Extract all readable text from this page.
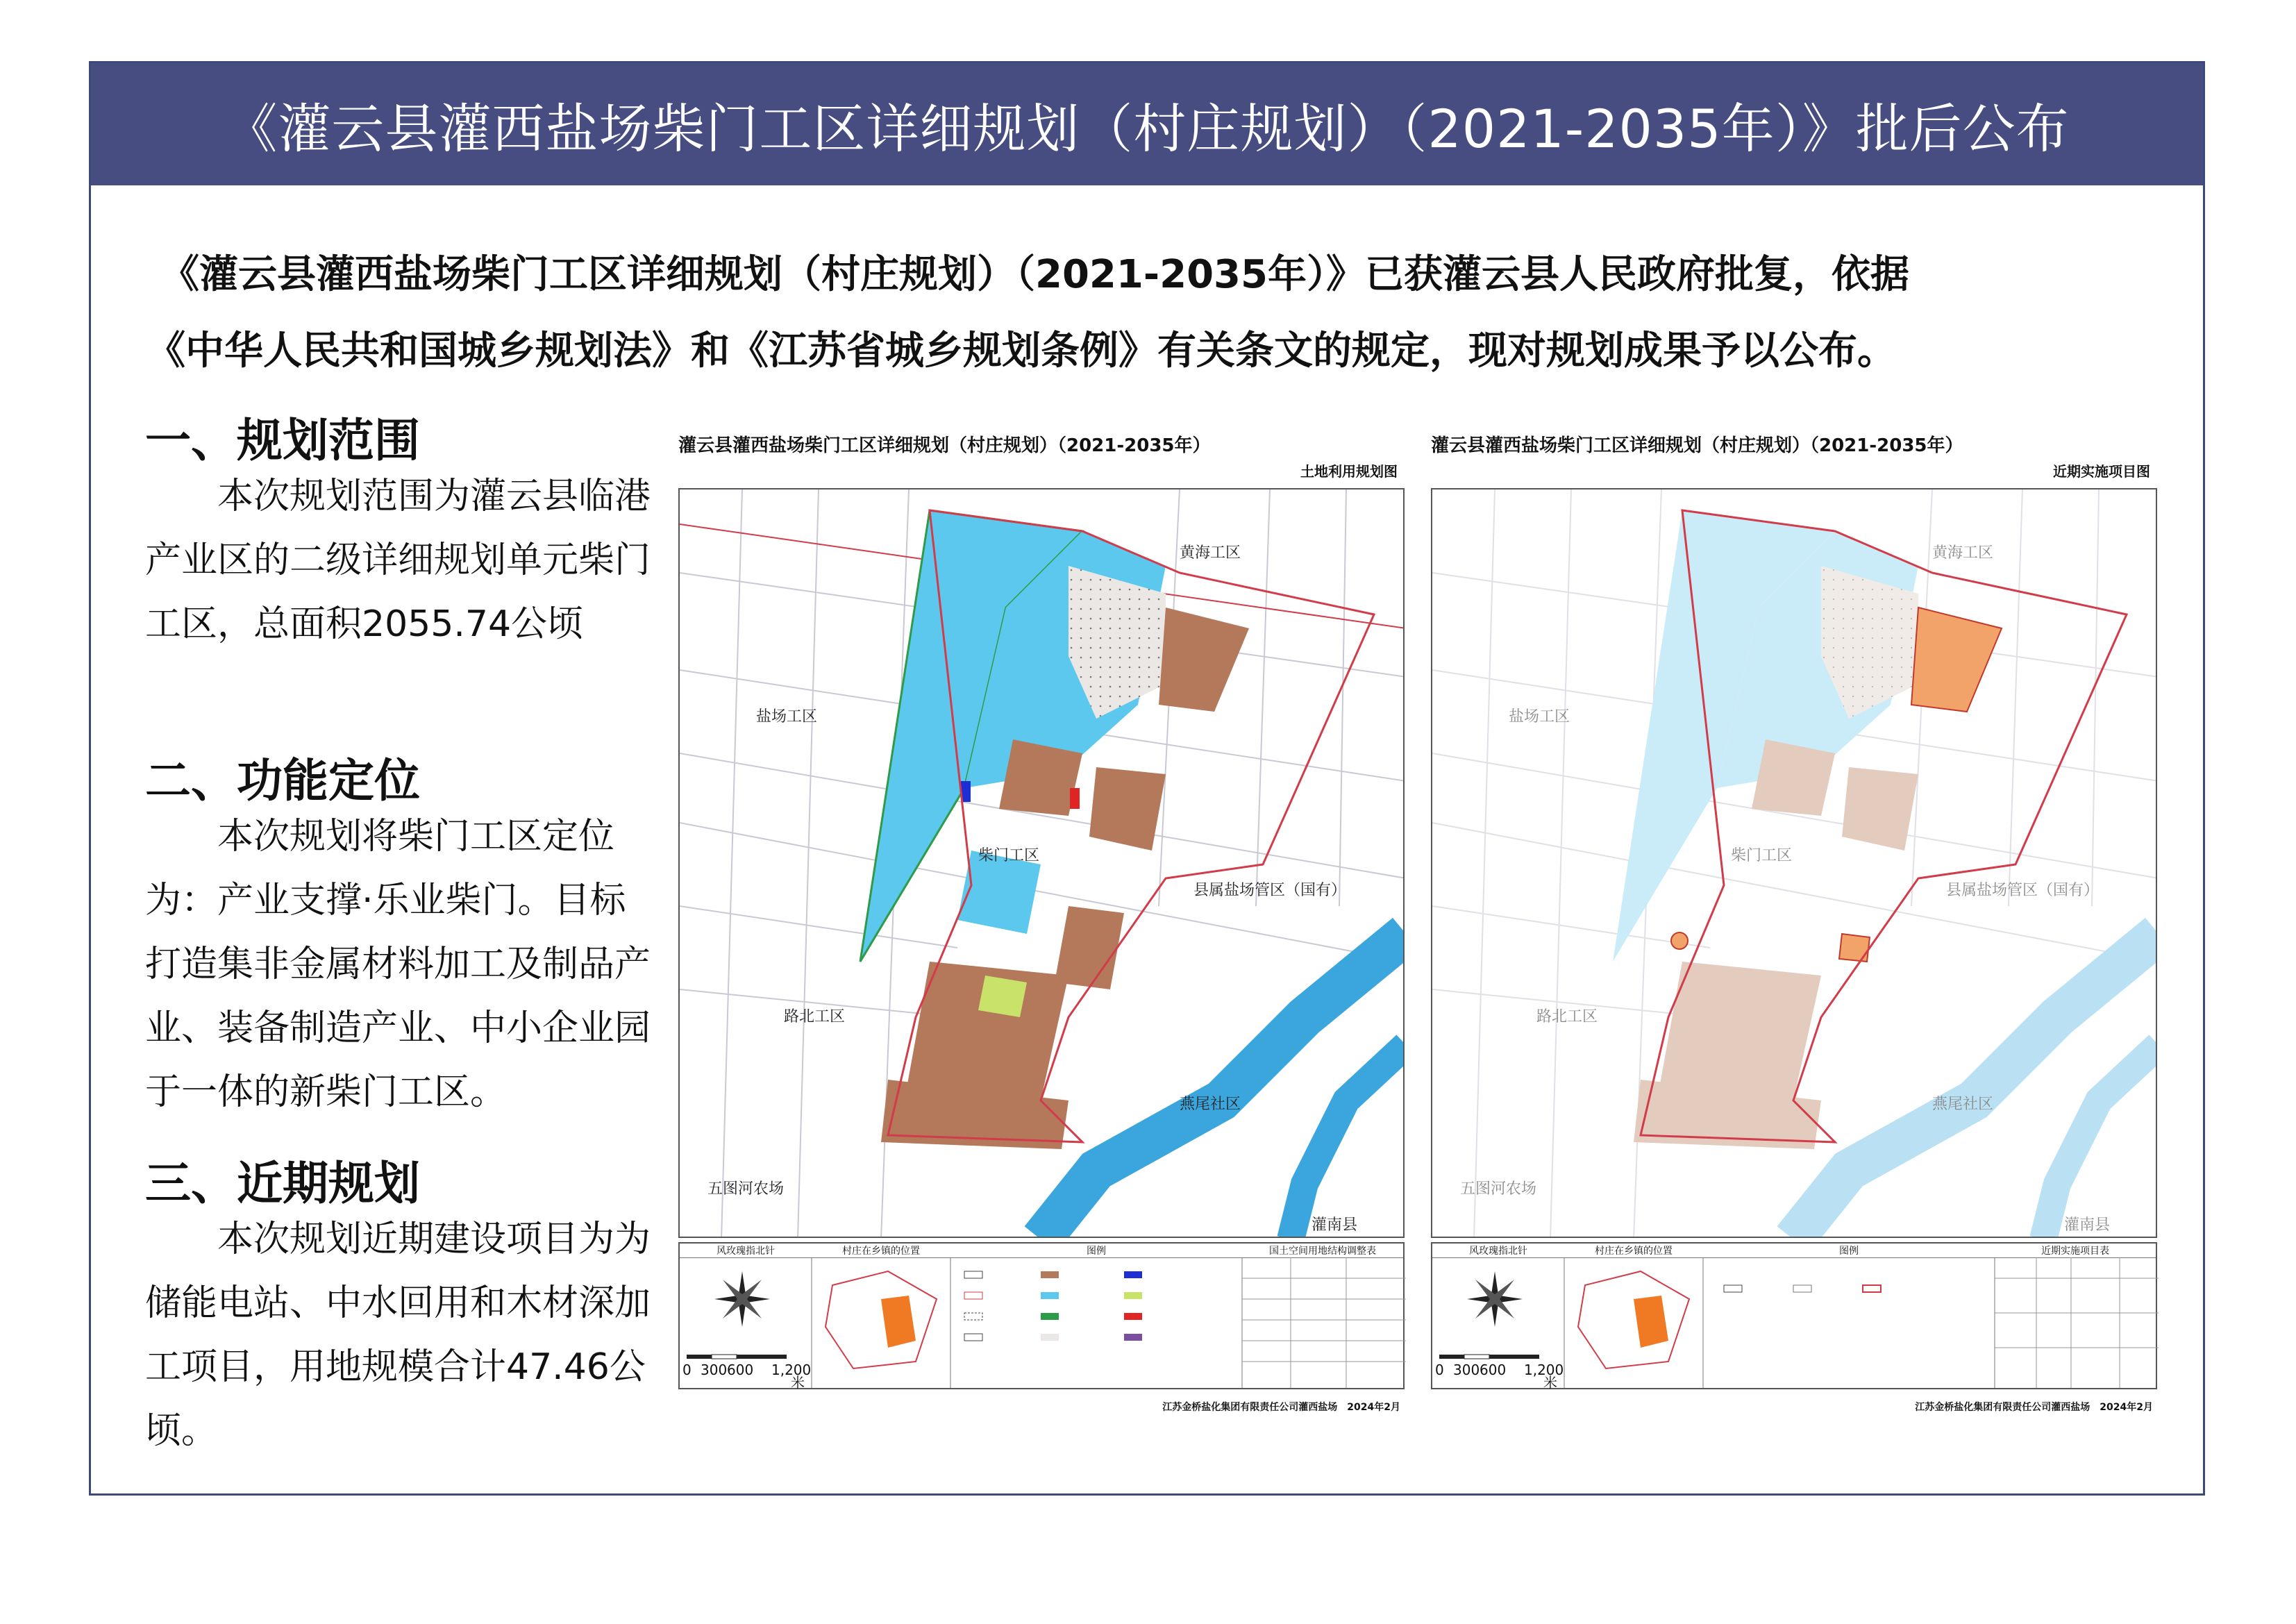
《灌云县灌西盐场柴门工区详细规划（村庄规划）（2021-2035年）》批后公布

《灌云县灌西盐场柴门工区详细规划（村庄规划）（2021-2035年）》已获灌云县人民政府批复，依据

《中华人民共和国城乡规划法》和《江苏省城乡规划条例》有关条文的规定，现对规划成果予以公布。

一、规划范围
本次规划范围为灌云县临港产业区的二级详细规划单元柴门工区，总面积2055.74公顷
二、功能定位
本次规划将柴门工区定位为：产业支撑·乐业柴门。目标打造集非金属材料加工及制品产业、装备制造产业、中小企业园于一体的新柴门工区。
三、近期规划
本次规划近期建设项目为为储能电站、中水回用和木材深加工项目，用地规模合计47.46公顷。
灌云县灌西盐场柴门工区详细规划（村庄规划）（2021-2035年）
土地利用规划图
黄海工区
盐场工区
柴门工区
县属盐场管区（国有）
路北工区
燕尾社区
五图河农场
灌南县
风玫瑰指北针	村庄在乡镇的位置	图例	国土空间用地结构调整表
0 300 600 1,200
米
江苏金桥盐化集团有限责任公司灌西盐场　2024年2月
灌云县灌西盐场柴门工区详细规划（村庄规划）（2021-2035年）
近期实施项目图
黄海工区
盐场工区
柴门工区
县属盐场管区（国有）
路北工区
燕尾社区
五图河农场
灌南县
风玫瑰指北针	村庄在乡镇的位置	图例	近期实施项目表
0 300 600 1,200
米
江苏金桥盐化集团有限责任公司灌西盐场　2024年2月
